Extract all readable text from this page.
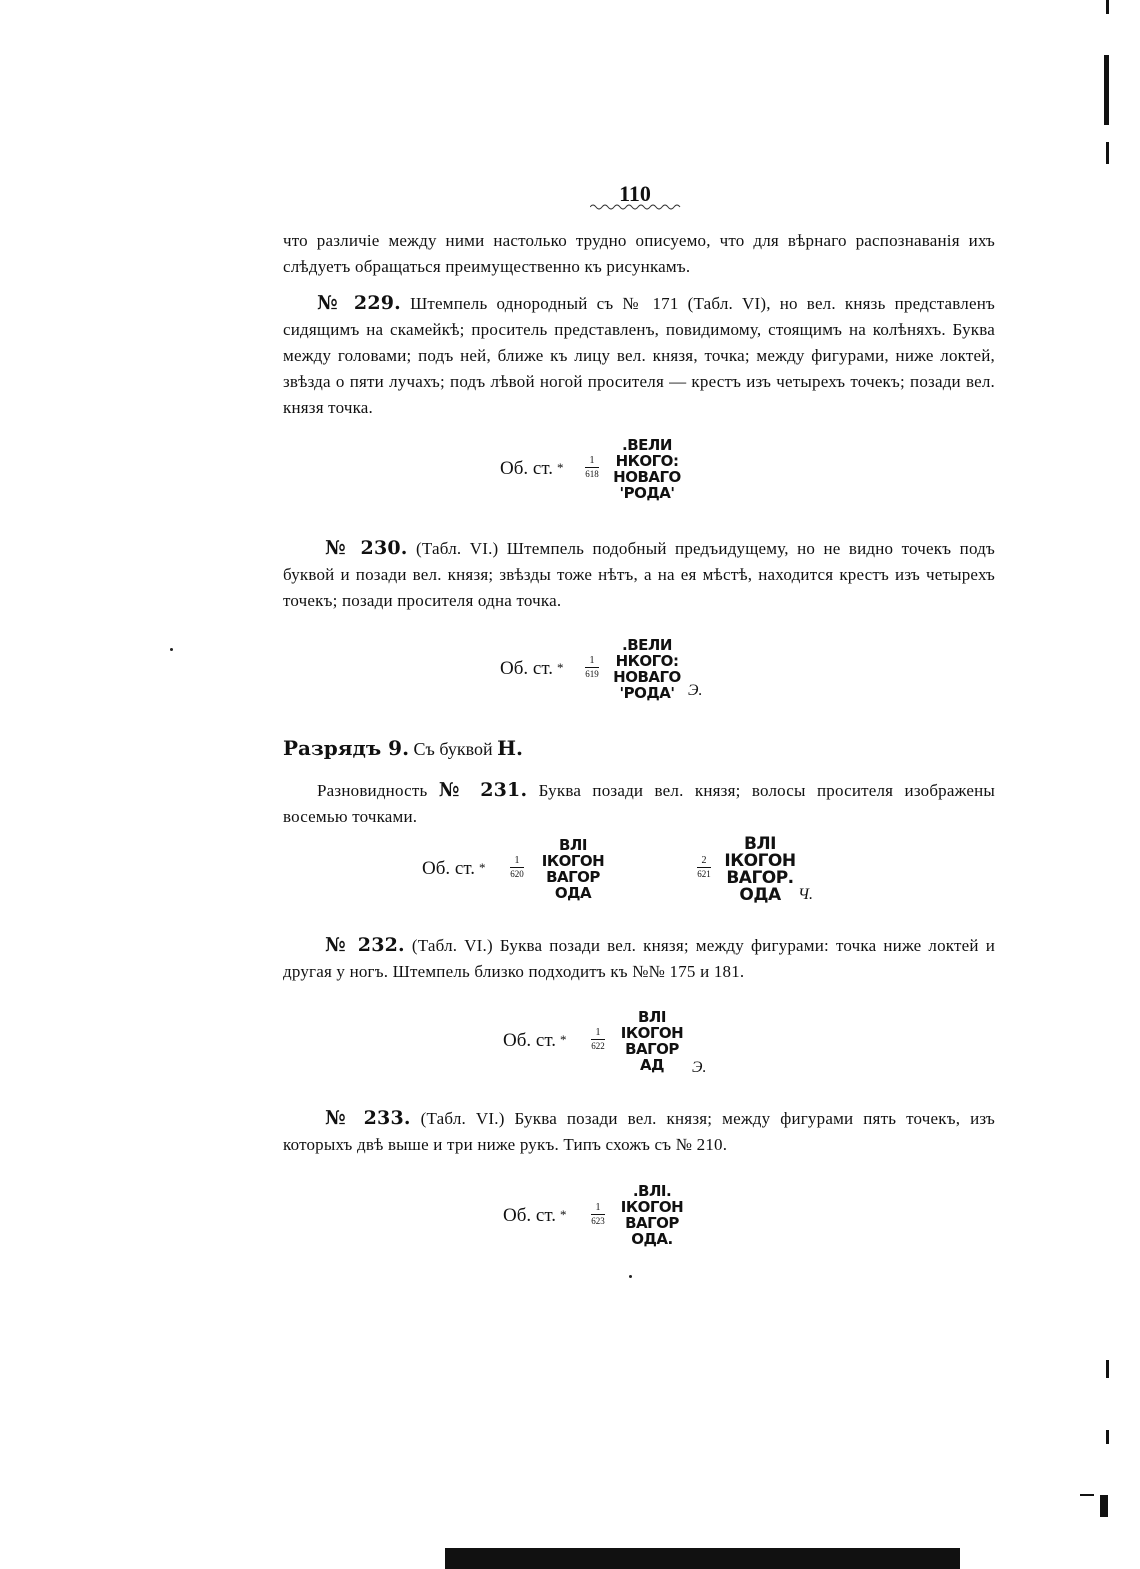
110
что различіе между ними настолько трудно описуемо, что для вѣрнаго распознаванія ихъ слѣдуетъ обращаться преимущественно къ рисункамъ.
№ 229. Штемпель однородный съ № 171 (Табл. VI), но вел. князь представленъ сидящимъ на скамейкѣ; проситель представленъ, повидимому, стоящимъ на колѣняхъ. Буква между головами; подъ ней, ближе къ лицу вел. князя, точка; между фигурами, ниже локтей, звѣзда о пяти лучахъ; подъ лѣвой ногой просителя — крестъ изъ четырехъ точекъ; позади вел. князя точка.
Об. ст. *	1
618
.ВЕЛИ
НКОГО:
НОВАГО
'РОДА'
№ 230. (Табл. VI.) Штемпель подобный предъидущему, но не видно точекъ подъ буквой и позади вел. князя; звѣзды тоже нѣтъ, а на ея мѣстѣ, находится крестъ изъ четырехъ точекъ; позади просителя одна точка.
Об. ст. *	1
619
.ВЕЛИ
НКОГО:
НОВАГО
'РОДА' Э.
Разрядъ 9. Съ буквой Н.
Разновидность № 231. Буква позади вел. князя; волосы просителя изображены восемью точками.
Об. ст. *	1
620
ВЛІ
ІКОГОН
ВАГОР
ОДА
2
621
ВЛІ
ІКОГОН
ВАГОР.
ОДА	Ч.
№ 232. (Табл. VI.) Буква позади вел. князя; между фигурами: точка ниже локтей и другая у ногъ. Штемпель близко подходитъ къ №№ 175 и 181.
Об. ст. *	1
622
ВЛІ
ІКОГОН
ВАГОР
АД	Э.
№ 233. (Табл. VI.) Буква позади вел. князя; между фигурами пять точекъ, изъ которыхъ двѣ выше и три ниже рукъ. Типъ схожъ съ № 210.
Об. ст. *	1
623
.ВЛІ.
ІКОГОН
ВАГОР
ОДА.
